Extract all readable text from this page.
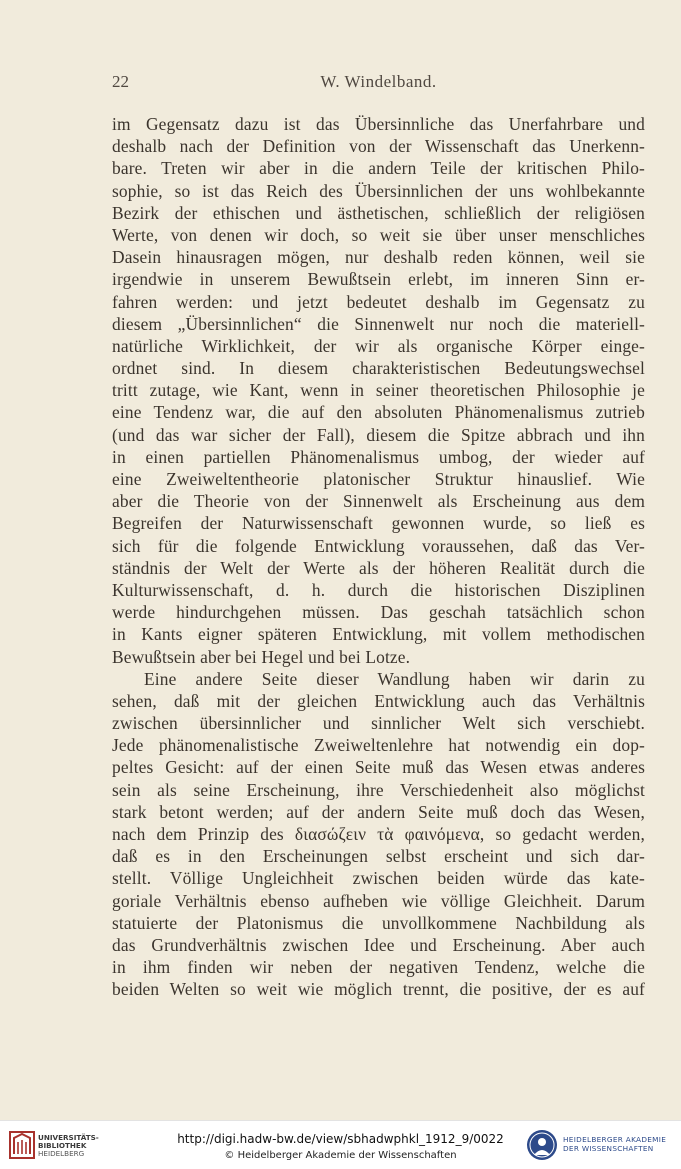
22	W. Windelband.
im Gegensatz dazu ist das Übersinnliche das Unerfahrbare und
deshalb nach der Definition von der Wissenschaft das Unerkenn-
bare. Treten wir aber in die andern Teile der kritischen Philo-
sophie, so ist das Reich des Übersinnlichen der uns wohlbekannte
Bezirk der ethischen und ästhetischen, schließlich der religiösen
Werte, von denen wir doch, so weit sie über unser menschliches
Dasein hinausragen mögen, nur deshalb reden können, weil sie
irgendwie in unserem Bewußtsein erlebt, im inneren Sinn er-
fahren werden: und jetzt bedeutet deshalb im Gegensatz zu
diesem „Übersinnlichen“ die Sinnenwelt nur noch die materiell-
natürliche Wirklichkeit, der wir als organische Körper einge-
ordnet sind. In diesem charakteristischen Bedeutungswechsel
tritt zutage, wie Kant, wenn in seiner theoretischen Philosophie je
eine Tendenz war, die auf den absoluten Phänomenalismus zutrieb
(und das war sicher der Fall), diesem die Spitze abbrach und ihn
in einen partiellen Phänomenalismus umbog, der wieder auf
eine Zweiweltentheorie platonischer Struktur hinauslief. Wie
aber die Theorie von der Sinnenwelt als Erscheinung aus dem
Begreifen der Naturwissenschaft gewonnen wurde, so ließ es
sich für die folgende Entwicklung voraussehen, daß das Ver-
ständnis der Welt der Werte als der höheren Realität durch die
Kulturwissenschaft, d. h. durch die historischen Disziplinen
werde hindurchgehen müssen. Das geschah tatsächlich schon
in Kants eigner späteren Entwicklung, mit vollem methodischen
Bewußtsein aber bei Hegel und bei Lotze.
Eine andere Seite dieser Wandlung haben wir darin zu
sehen, daß mit der gleichen Entwicklung auch das Verhältnis
zwischen übersinnlicher und sinnlicher Welt sich verschiebt.
Jede phänomenalistische Zweiweltenlehre hat notwendig ein dop-
peltes Gesicht: auf der einen Seite muß das Wesen etwas anderes
sein als seine Erscheinung, ihre Verschiedenheit also möglichst
stark betont werden; auf der andern Seite muß doch das Wesen,
nach dem Prinzip des διασώζειν τὰ φαινόμενα, so gedacht werden,
daß es in den Erscheinungen selbst erscheint und sich dar-
stellt. Völlige Ungleichheit zwischen beiden würde das kate-
goriale Verhältnis ebenso aufheben wie völlige Gleichheit. Darum
statuierte der Platonismus die unvollkommene Nachbildung als
das Grundverhältnis zwischen Idee und Erscheinung. Aber auch
in ihm finden wir neben der negativen Tendenz, welche die
beiden Welten so weit wie möglich trennt, die positive, der es auf
UNIVERSITÄTS-
BIBLIOTHEK
HEIDELBERG
http://digi.hadw-bw.de/view/sbhadwphkl_1912_9/0022
© Heidelberger Akademie der Wissenschaften
HEIDELBERGER AKADEMIE
DER WISSENSCHAFTEN
